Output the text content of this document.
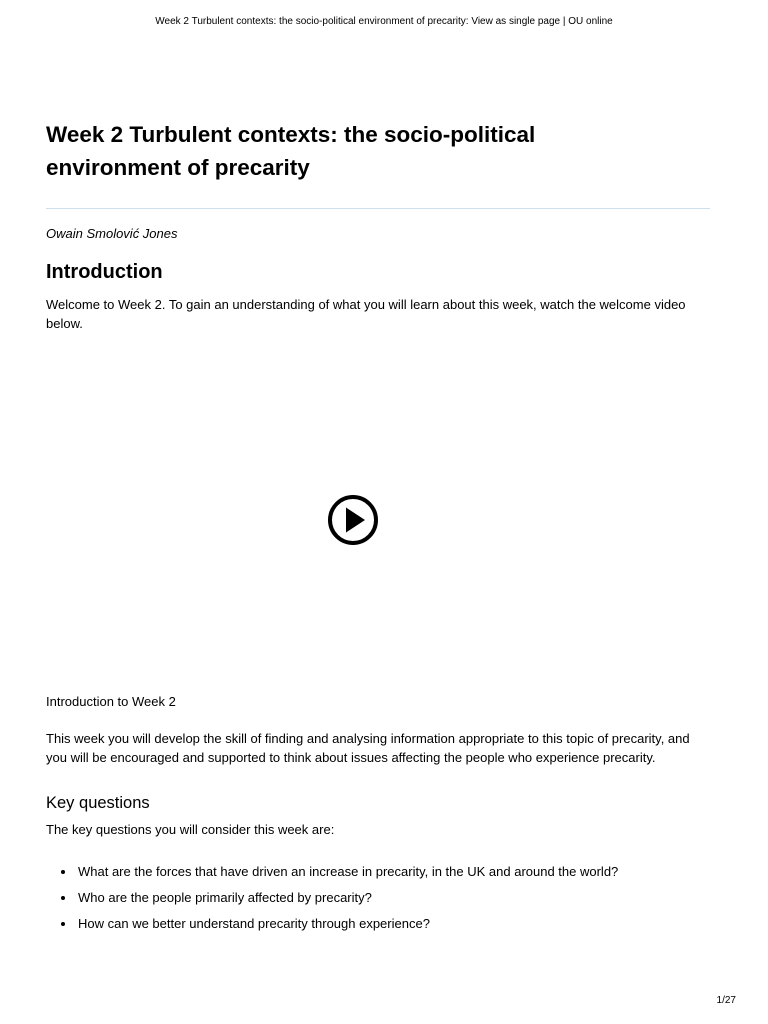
Week 2 Turbulent contexts: the socio-political environment of precarity: View as single page | OU online
Week 2 Turbulent contexts: the socio-political environment of precarity
Owain Smolović Jones
Introduction

Welcome to Week 2. To gain an understanding of what you will learn about this week, watch the welcome video below.

Introduction to Week 2

This week you will develop the skill of finding and analysing information appropriate to this topic of precarity, and you will be encouraged and supported to think about issues affecting the people who experience precarity.

Key questions

The key questions you will consider this week are:

What are the forces that have driven an increase in precarity, in the UK and around the world?
Who are the people primarily affected by precarity?
How can we better understand precarity through experience?
1/27
